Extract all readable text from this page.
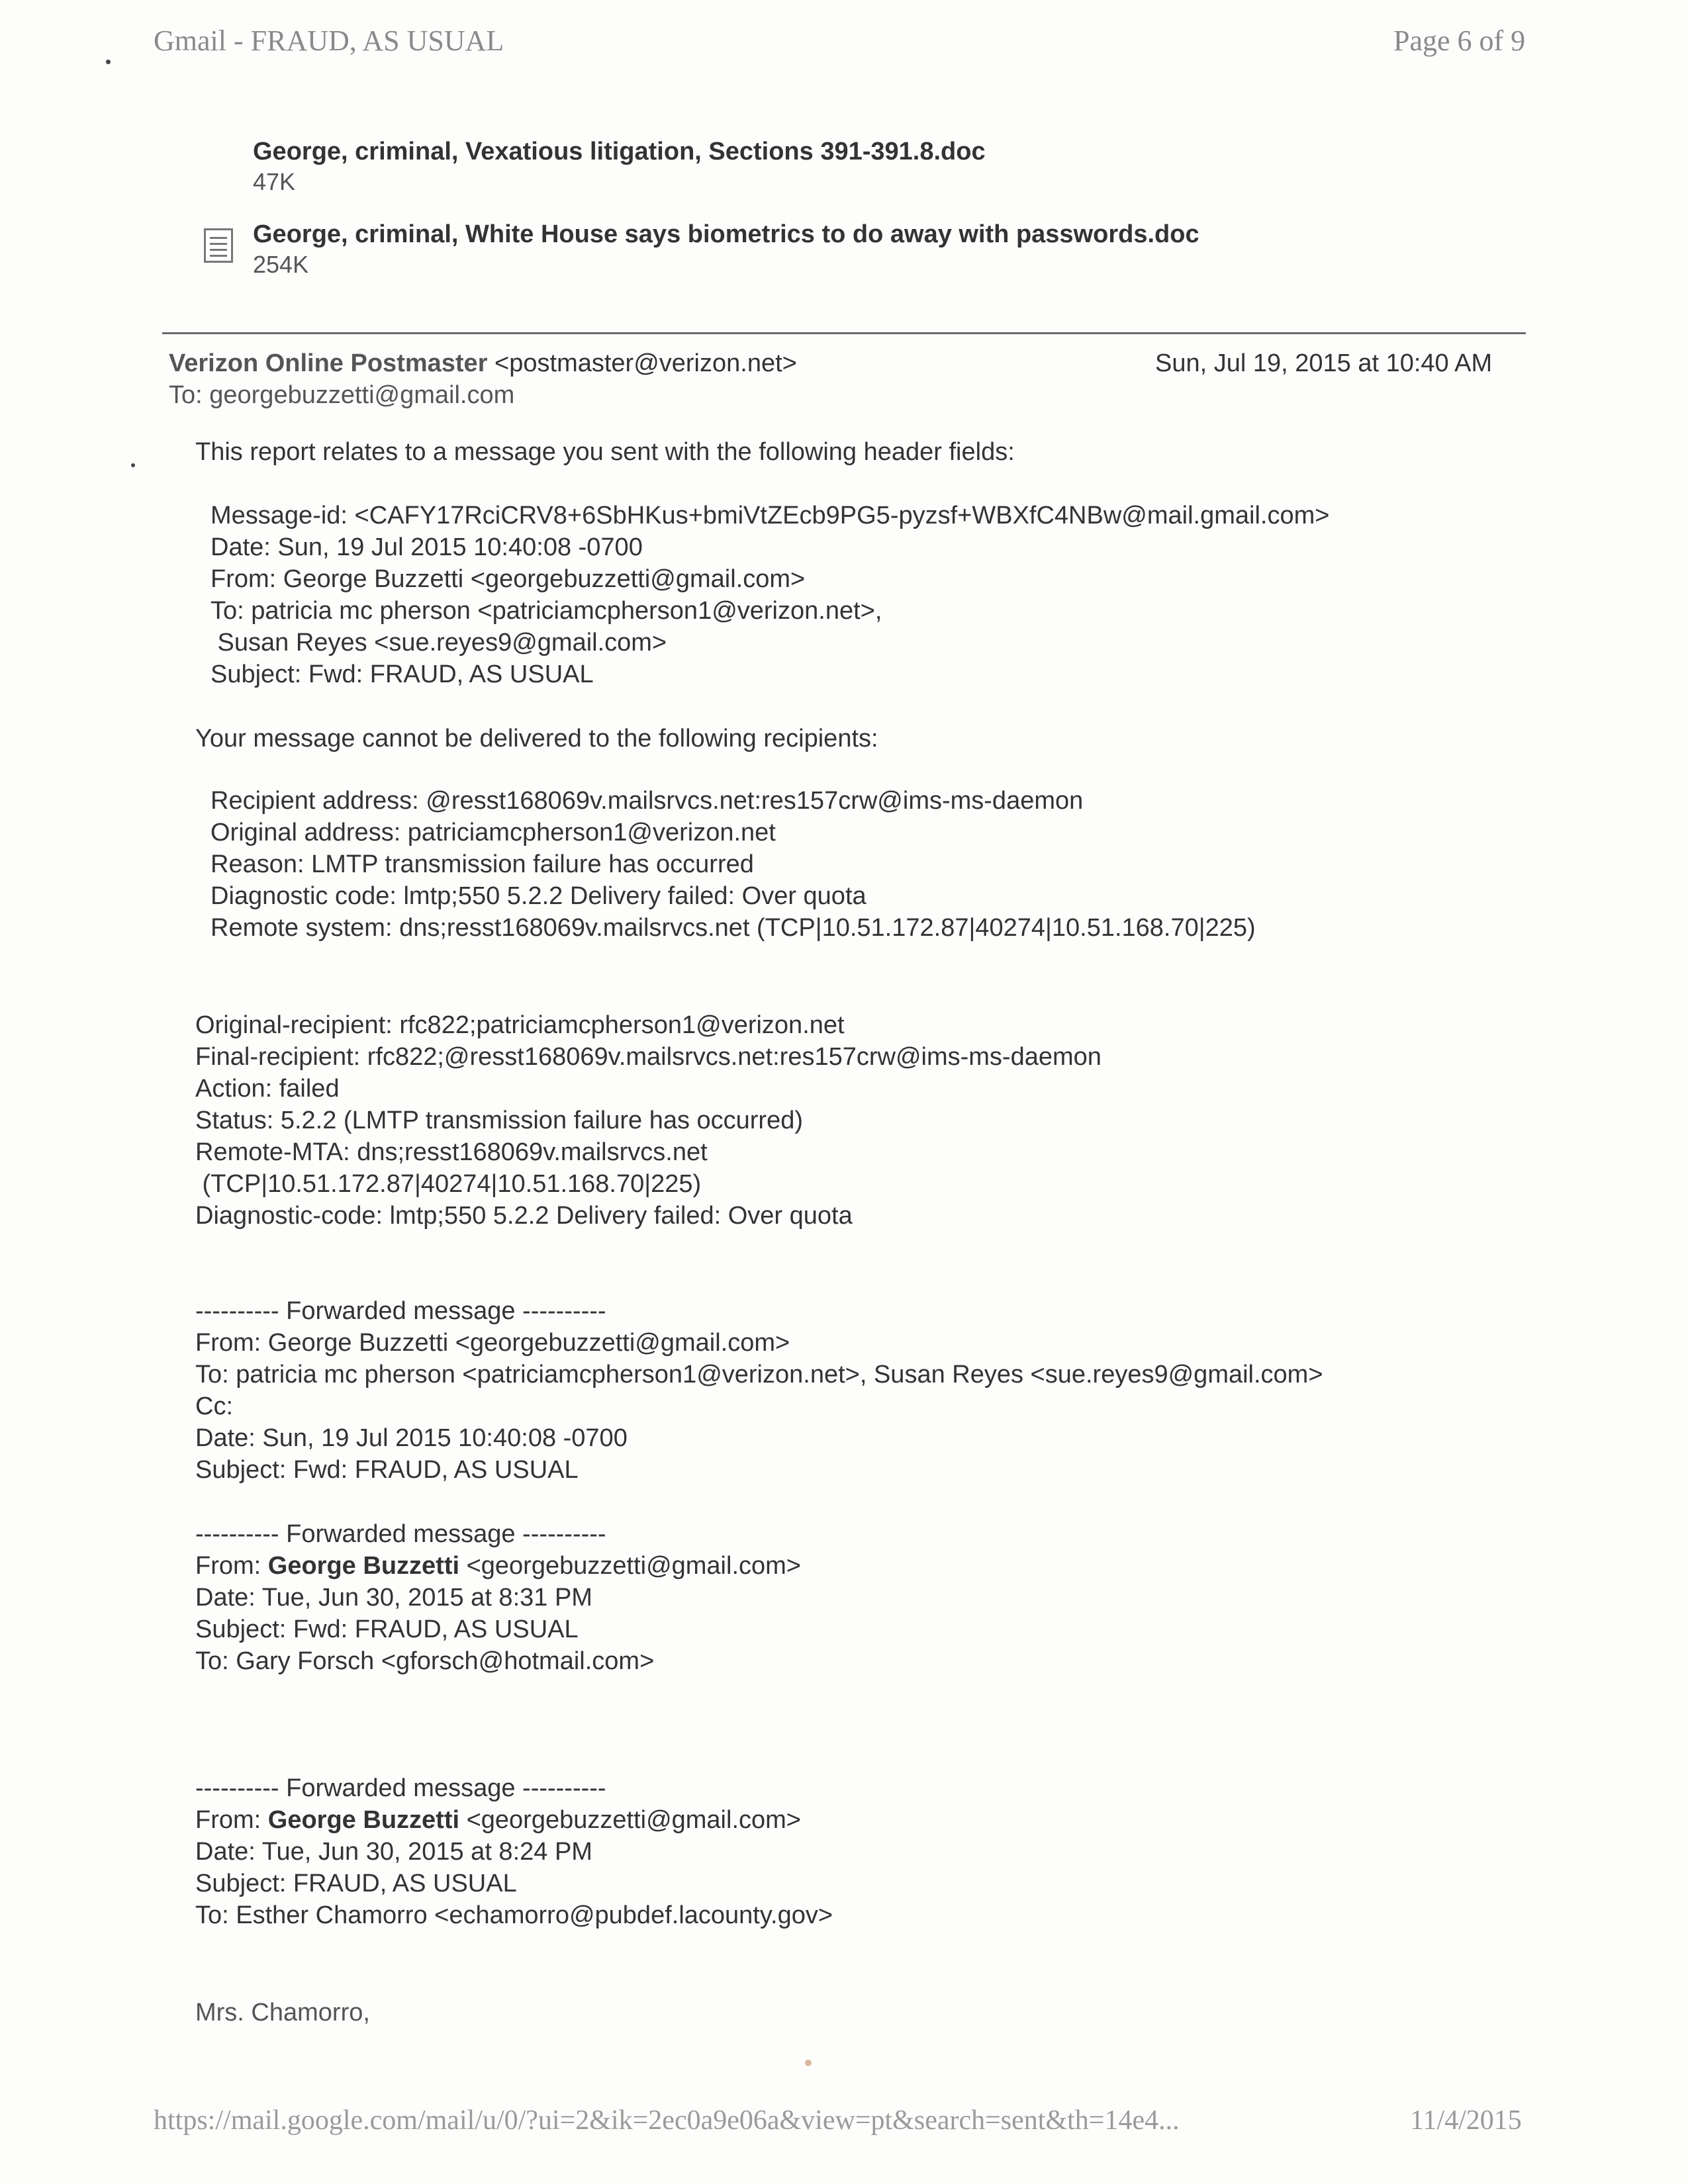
Gmail - FRAUD, AS USUAL	Page 6 of 9
George, criminal, Vexatious litigation, Sections 391-391.8.doc
47K
George, criminal, White House says biometrics to do away with passwords.doc
254K
Verizon Online Postmaster <postmaster@verizon.net>	Sun, Jul 19, 2015 at 10:40 AM
To: georgebuzzetti@gmail.com
This report relates to a message you sent with the following header fields:
Message-id: <CAFY17RciCRV8+6SbHKus+bmiVtZEcb9PG5-pyzsf+WBXfC4NBw@mail.gmail.com>
Date: Sun, 19 Jul 2015 10:40:08 -0700
From: George Buzzetti <georgebuzzetti@gmail.com>
To: patricia mc pherson <patriciamcpherson1@verizon.net>,
Susan Reyes <sue.reyes9@gmail.com>
Subject: Fwd: FRAUD, AS USUAL
Your message cannot be delivered to the following recipients:
Recipient address: @resst168069v.mailsrvcs.net:res157crw@ims-ms-daemon
Original address: patriciamcpherson1@verizon.net
Reason: LMTP transmission failure has occurred
Diagnostic code: lmtp;550 5.2.2 Delivery failed: Over quota
Remote system: dns;resst168069v.mailsrvcs.net (TCP|10.51.172.87|40274|10.51.168.70|225)
Original-recipient: rfc822;patriciamcpherson1@verizon.net
Final-recipient: rfc822;@resst168069v.mailsrvcs.net:res157crw@ims-ms-daemon
Action: failed
Status: 5.2.2 (LMTP transmission failure has occurred)
Remote-MTA: dns;resst168069v.mailsrvcs.net
(TCP|10.51.172.87|40274|10.51.168.70|225)
Diagnostic-code: lmtp;550 5.2.2 Delivery failed: Over quota
---------- Forwarded message ----------
From: George Buzzetti <georgebuzzetti@gmail.com>
To: patricia mc pherson <patriciamcpherson1@verizon.net>, Susan Reyes <sue.reyes9@gmail.com>
Cc:
Date: Sun, 19 Jul 2015 10:40:08 -0700
Subject: Fwd: FRAUD, AS USUAL
---------- Forwarded message ----------
From: George Buzzetti <georgebuzzetti@gmail.com>
Date: Tue, Jun 30, 2015 at 8:31 PM
Subject: Fwd: FRAUD, AS USUAL
To: Gary Forsch <gforsch@hotmail.com>
---------- Forwarded message ----------
From: George Buzzetti <georgebuzzetti@gmail.com>
Date: Tue, Jun 30, 2015 at 8:24 PM
Subject: FRAUD, AS USUAL
To: Esther Chamorro <echamorro@pubdef.lacounty.gov>
Mrs. Chamorro,
https://mail.google.com/mail/u/0/?ui=2&ik=2ec0a9e06a&view=pt&search=sent&th=14e4...	11/4/2015
